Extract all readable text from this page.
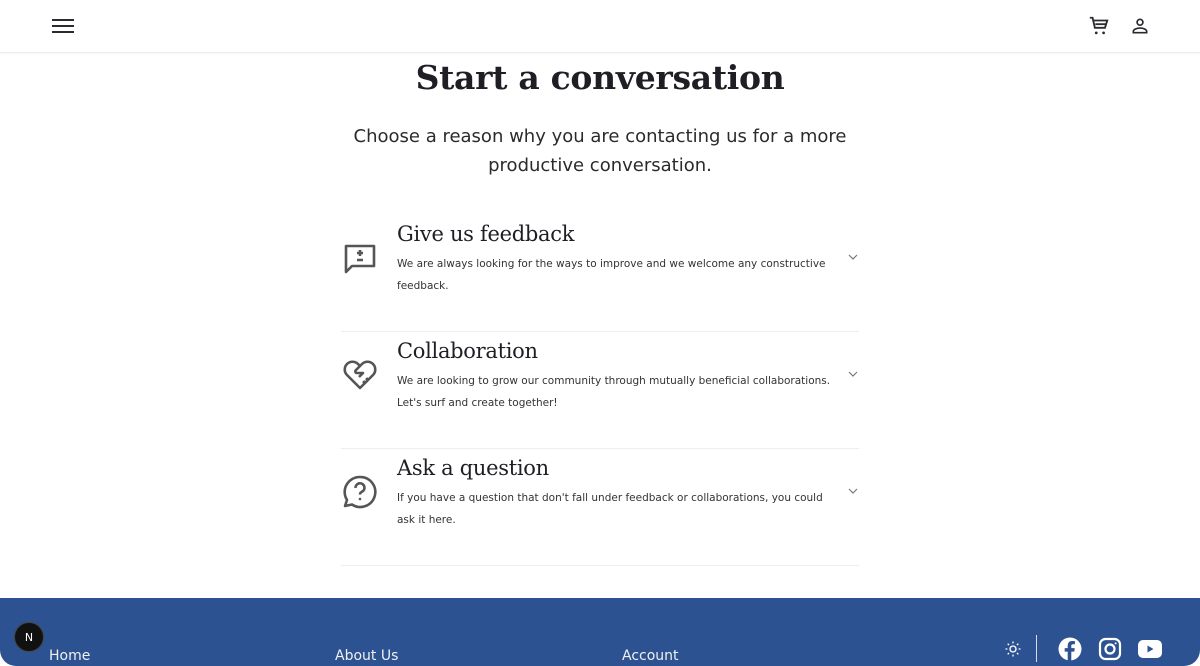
Start a conversation

Choose a reason why you are contacting us for a more productive conversation.

Give us feedback
We are always looking for the ways to improve and we welcome any constructive feedback.
Collaboration
We are looking to grow our community through mutually beneficial collaborations. Let's surf and create together!
Ask a question
If you have a question that don't fall under feedback or collaborations, you could ask it here.
Home	About Us	Account
N
